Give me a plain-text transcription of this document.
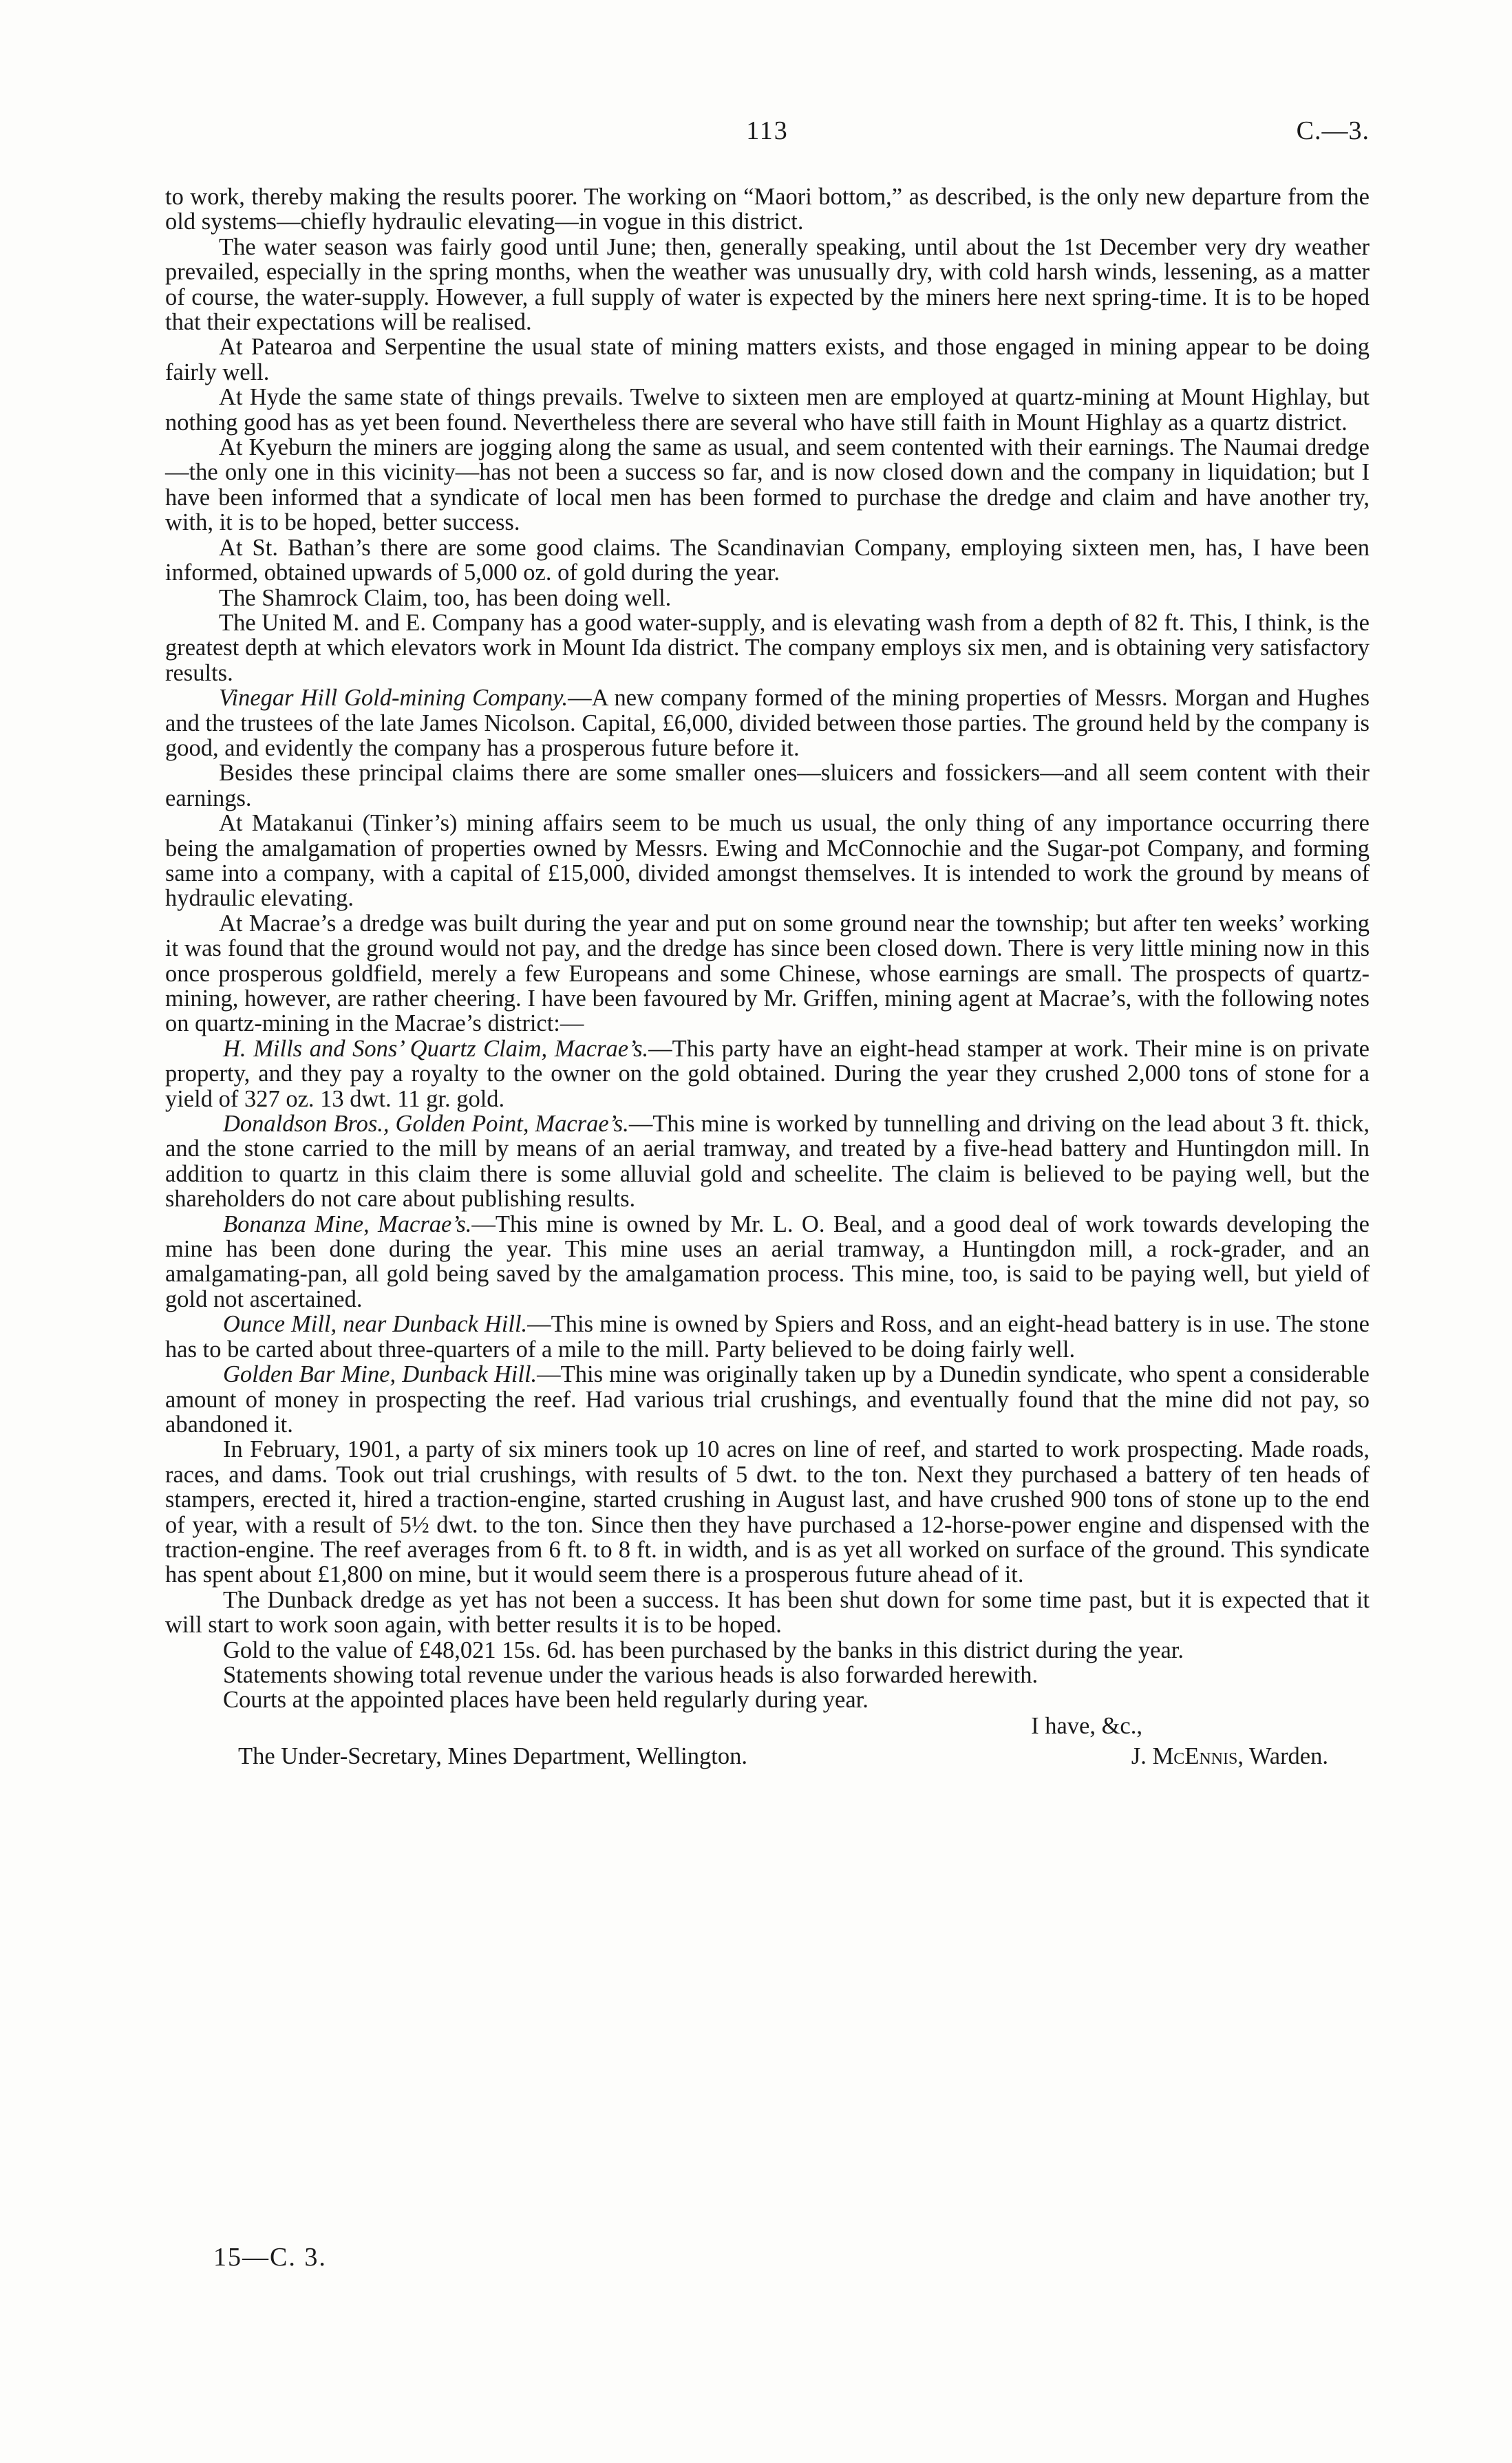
113	C.—3.

to work, thereby making the results poorer. The working on “Maori bottom,” as described, is the only new departure from the old systems—chiefly hydraulic elevating—in vogue in this district.

The water season was fairly good until June; then, generally speaking, until about the 1st December very dry weather prevailed, especially in the spring months, when the weather was unusually dry, with cold harsh winds, lessening, as a matter of course, the water-supply. However, a full supply of water is expected by the miners here next spring-time. It is to be hoped that their expectations will be realised.

At Patearoa and Serpentine the usual state of mining matters exists, and those engaged in mining appear to be doing fairly well.

At Hyde the same state of things prevails. Twelve to sixteen men are employed at quartz-mining at Mount Highlay, but nothing good has as yet been found. Nevertheless there are several who have still faith in Mount Highlay as a quartz district.

At Kyeburn the miners are jogging along the same as usual, and seem contented with their earnings. The Naumai dredge—the only one in this vicinity—has not been a success so far, and is now closed down and the company in liquidation; but I have been informed that a syndicate of local men has been formed to purchase the dredge and claim and have another try, with, it is to be hoped, better success.

At St. Bathan’s there are some good claims. The Scandinavian Company, employing sixteen men, has, I have been informed, obtained upwards of 5,000 oz. of gold during the year.

The Shamrock Claim, too, has been doing well.

The United M. and E. Company has a good water-supply, and is elevating wash from a depth of 82 ft. This, I think, is the greatest depth at which elevators work in Mount Ida district. The company employs six men, and is obtaining very satisfactory results.

Vinegar Hill Gold-mining Company.—A new company formed of the mining properties of Messrs. Morgan and Hughes and the trustees of the late James Nicolson. Capital, £6,000, divided between those parties. The ground held by the company is good, and evidently the company has a prosperous future before it.

Besides these principal claims there are some smaller ones—sluicers and fossickers—and all seem content with their earnings.

At Matakanui (Tinker’s) mining affairs seem to be much us usual, the only thing of any importance occurring there being the amalgamation of properties owned by Messrs. Ewing and McConnochie and the Sugar-pot Company, and forming same into a company, with a capital of £15,000, divided amongst themselves. It is intended to work the ground by means of hydraulic elevating.

At Macrae’s a dredge was built during the year and put on some ground near the township; but after ten weeks’ working it was found that the ground would not pay, and the dredge has since been closed down. There is very little mining now in this once prosperous goldfield, merely a few Europeans and some Chinese, whose earnings are small. The prospects of quartz-mining, however, are rather cheering. I have been favoured by Mr. Griffen, mining agent at Macrae’s, with the following notes on quartz-mining in the Macrae’s district:—

H. Mills and Sons’ Quartz Claim, Macrae’s.—This party have an eight-head stamper at work. Their mine is on private property, and they pay a royalty to the owner on the gold obtained. During the year they crushed 2,000 tons of stone for a yield of 327 oz. 13 dwt. 11 gr. gold.

Donaldson Bros., Golden Point, Macrae’s.—This mine is worked by tunnelling and driving on the lead about 3 ft. thick, and the stone carried to the mill by means of an aerial tramway, and treated by a five-head battery and Huntingdon mill. In addition to quartz in this claim there is some alluvial gold and scheelite. The claim is believed to be paying well, but the shareholders do not care about publishing results.

Bonanza Mine, Macrae’s.—This mine is owned by Mr. L. O. Beal, and a good deal of work towards developing the mine has been done during the year. This mine uses an aerial tramway, a Huntingdon mill, a rock-grader, and an amalgamating-pan, all gold being saved by the amalgamation process. This mine, too, is said to be paying well, but yield of gold not ascertained.

Ounce Mill, near Dunback Hill.—This mine is owned by Spiers and Ross, and an eight-head battery is in use. The stone has to be carted about three-quarters of a mile to the mill. Party believed to be doing fairly well.

Golden Bar Mine, Dunback Hill.—This mine was originally taken up by a Dunedin syndicate, who spent a considerable amount of money in prospecting the reef. Had various trial crushings, and eventually found that the mine did not pay, so abandoned it.

In February, 1901, a party of six miners took up 10 acres on line of reef, and started to work prospecting. Made roads, races, and dams. Took out trial crushings, with results of 5 dwt. to the ton. Next they purchased a battery of ten heads of stampers, erected it, hired a traction-engine, started crushing in August last, and have crushed 900 tons of stone up to the end of year, with a result of 5½ dwt. to the ton. Since then they have purchased a 12-horse-power engine and dispensed with the traction-engine. The reef averages from 6 ft. to 8 ft. in width, and is as yet all worked on surface of the ground. This syndicate has spent about £1,800 on mine, but it would seem there is a prosperous future ahead of it.

The Dunback dredge as yet has not been a success. It has been shut down for some time past, but it is expected that it will start to work soon again, with better results it is to be hoped.

Gold to the value of £48,021 15s. 6d. has been purchased by the banks in this district during the year.

Statements showing total revenue under the various heads is also forwarded herewith.

Courts at the appointed places have been held regularly during year.

I have, &c.,
The Under-Secretary, Mines Department, Wellington.	J. McEnnis, Warden.
15—C. 3.
